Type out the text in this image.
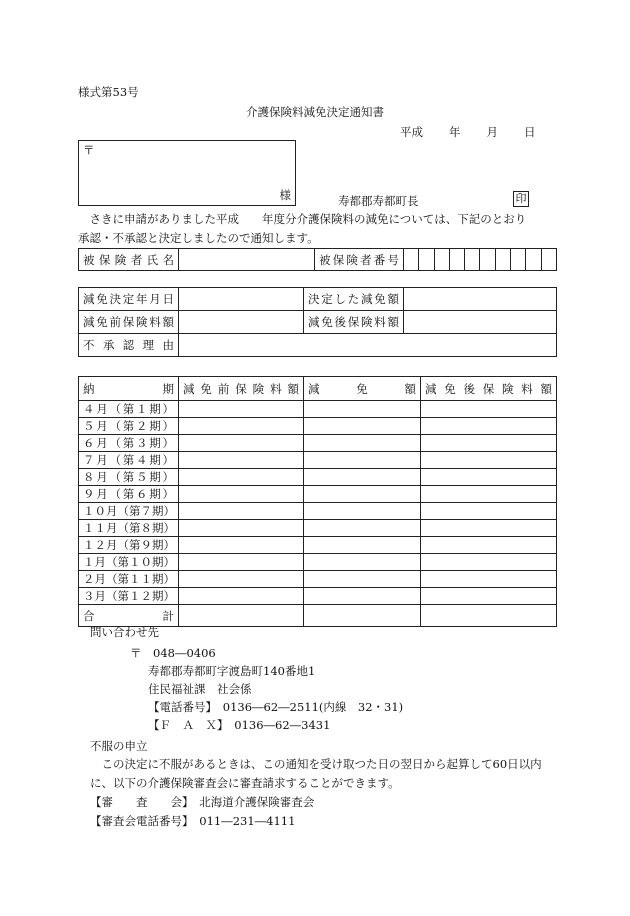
様式第53号
介護保険料減免決定通知書
平成 年 月 日
〒
様	寿都郡寿都町長	印
　さきに申請がありました平成　　年度分介護保険料の減免については、下記のとおり
承認・不承認と決定しましたので通知します。
被保険者氏名		被保険者番号										
減免決定年月日		決定した減免額	
減免前保険料額		減免後保険料額	
不承認理由			
納期	減免前保険料額	減免額	減免後保険料額
４月（第１期）			
５月（第２期）			
６月（第３期）			
７月（第４期）			
８月（第５期）			
９月（第６期）			
１０月（第７期）			
１１月（第８期）			
１２月（第９期）			
１月（第１０期）			
２月（第１１期）			
３月（第１２期）			
合計			
問い合わせ先
〒　048―0406
寿都郡寿都町字渡島町140番地1
住民福祉課　社会係
【電話番号】　 0136―62―2511(内線　32・31)
【Ｆ　Ａ　Ｘ】　 0136―62―3431
不服の申立
　この決定に不服があるときは、この通知を受け取つた日の翌日から起算して60日以内
に、以下の介護保険審査会に審査請求することができます。
【審　　査　　会】　 北海道介護保険審査会
【審査会電話番号】　 011―231―4111
